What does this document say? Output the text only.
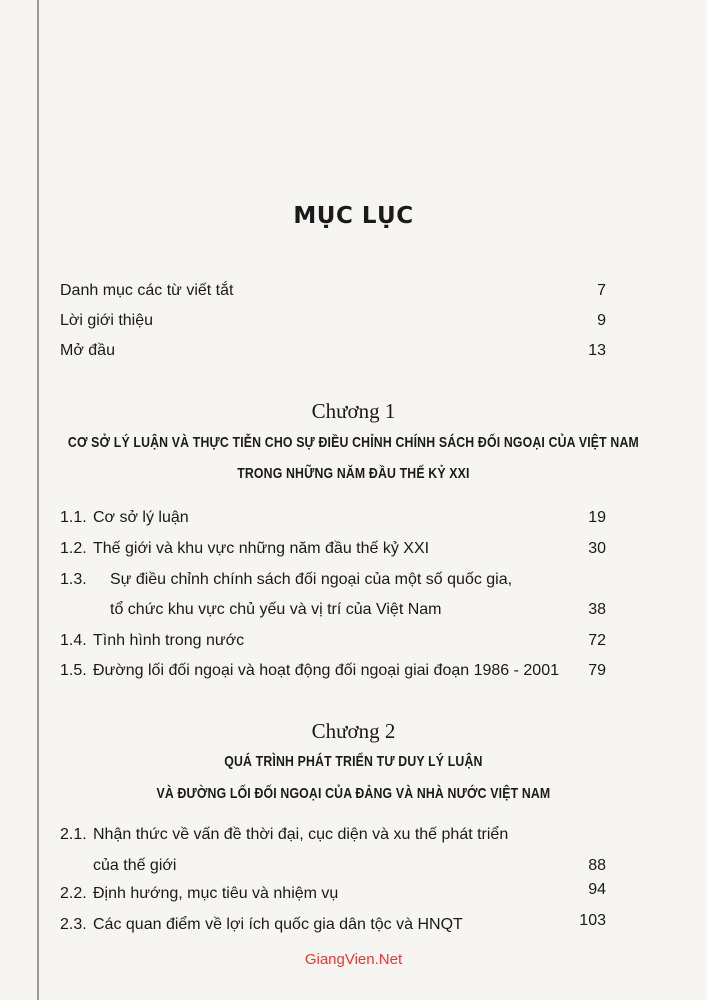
MỤC LỤC
Danh mục các từ viết tắt	7
Lời giới thiệu	9
Mở đầu	13
Chương 1
CƠ SỞ LÝ LUẬN VÀ THỰC TIỄN CHO SỰ ĐIỀU CHỈNH CHÍNH SÁCH ĐỐI NGOẠI CỦA VIỆT NAM
TRONG NHỮNG NĂM ĐẦU THẾ KỶ XXI
1.1. Cơ sở lý luận	19
1.2. Thế giới và khu vực những năm đầu thế kỷ XXI	30
1.3.	Sự điều chỉnh chính sách đối ngoại của một số quốc gia,
tổ chức khu vực chủ yếu và vị trí của Việt Nam	38
1.4. Tình hình trong nước	72
1.5. Đường lối đối ngoại và hoạt động đối ngoại giai đoạn 1986 - 2001 79
Chương 2
QUÁ TRÌNH PHÁT TRIỂN TƯ DUY LÝ LUẬN
VÀ ĐƯỜNG LỐI ĐỐI NGOẠI CỦA ĐẢNG VÀ NHÀ NƯỚC VIỆT NAM
2.1. Nhận thức về vấn đề thời đại, cục diện và xu thế phát triển
của thế giới	88
2.2. Định hướng, mục tiêu và nhiệm vụ	94
2.3. Các quan điểm về lợi ích quốc gia dân tộc và HNQT	103
GiangVien.Net
